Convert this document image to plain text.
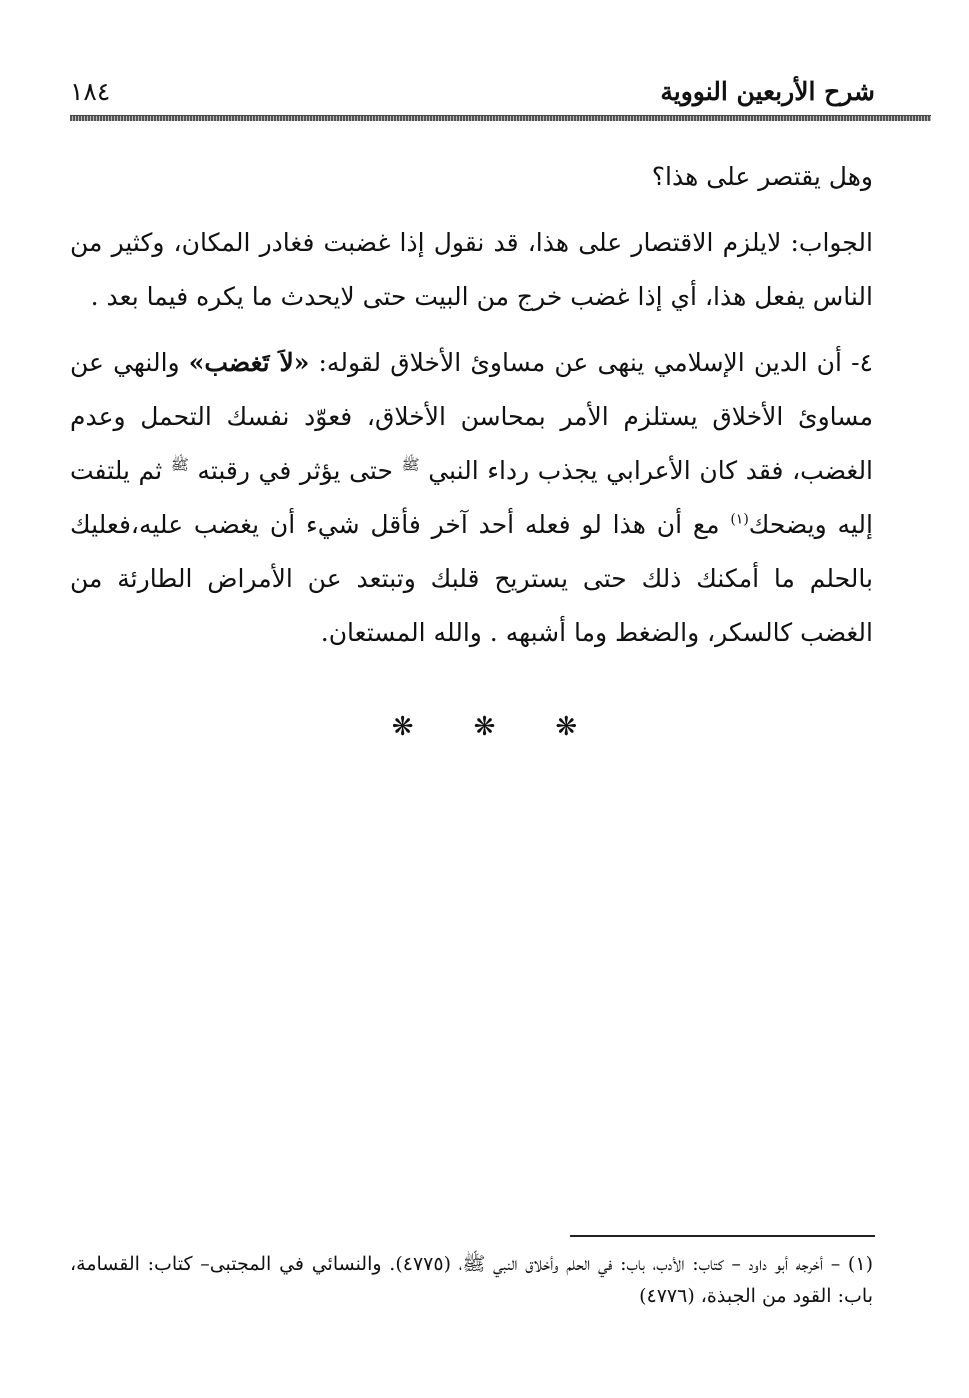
شرح الأربعين النووية
١٨٤

وهل يقتصر على هذا؟

الجواب: لايلزم الاقتصار على هذا، قد نقول إذا غضبت فغادر المكان، وكثير من الناس يفعل هذا، أي إذا غضب خرج من البيت حتى لايحدث ما يكره فيما بعد .

٤- أن الدين الإسلامي ينهى عن مساوئ الأخلاق لقوله: «لاَ تَغضب» والنهي عن مساوئ الأخلاق يستلزم الأمر بمحاسن الأخلاق، فعوّد نفسك التحمل وعدم الغضب، فقد كان الأعرابي يجذب رداء النبي $^ﷺ$ حتى يؤثر في رقبته $^ﷺ$ ثم يلتفت إليه ويضحك$^{(١)}$ مع أن هذا لو فعله أحد آخر فأقل شيء أن يغضب عليه،فعليك بالحلم ما أمكنك ذلك حتى يستريح قلبك وتبتعد عن الأمراض الطارئة من الغضب كالسكر، والضغط وما أشبهه . والله المستعان.

❋❋❋
(١) – أخرجه أبو داود – كتاب: الأدب، باب: في الحلم وأخلاق النبي ﷺ، (٤٧٧٥). والنسائي في المجتبى– كتاب: القسامة، باب: القود من الجبذة، (٤٧٧٦)
